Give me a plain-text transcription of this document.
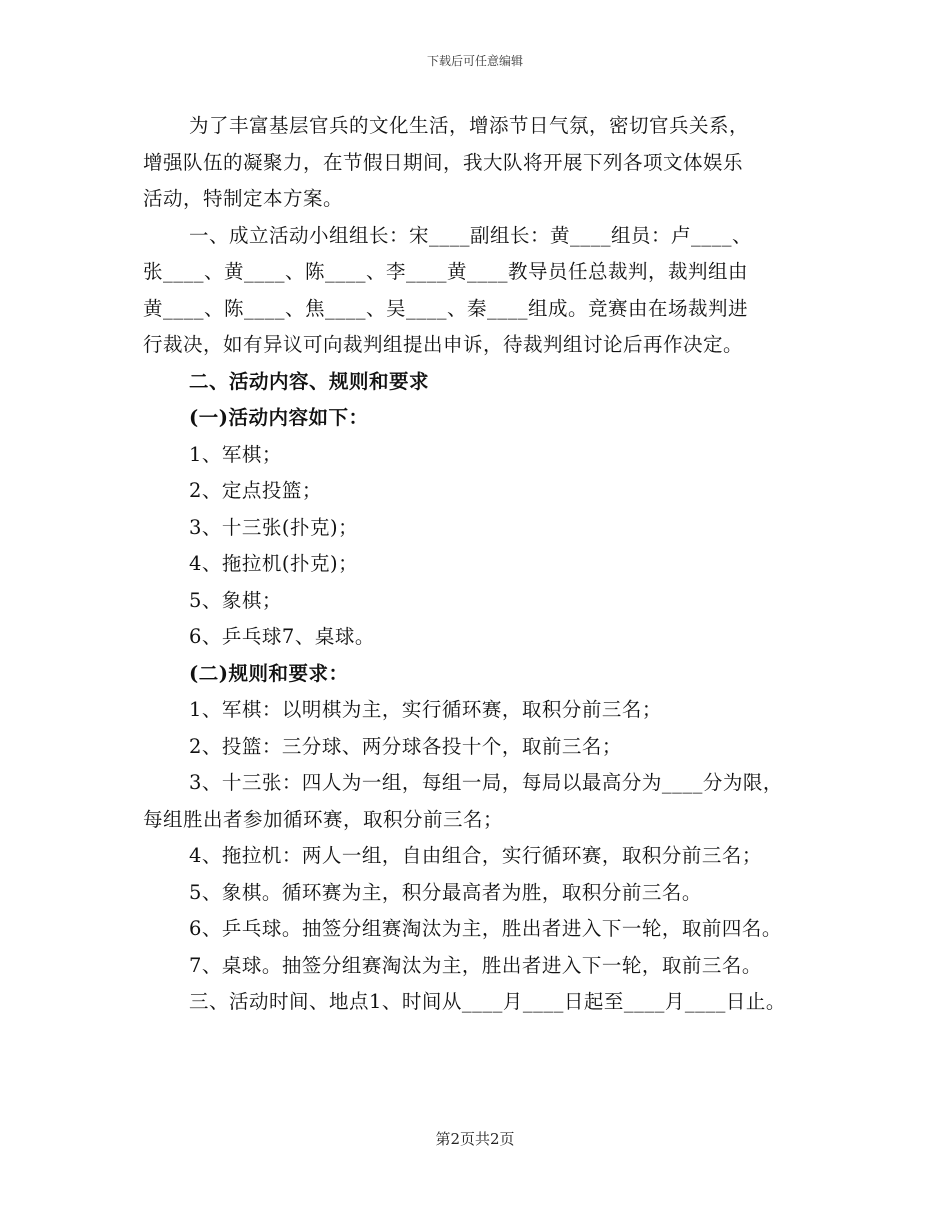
下载后可任意编辑

为了丰富基层官兵的文化生活，增添节日气氛，密切官兵关系，

增强队伍的凝聚力，在节假日期间，我大队将开展下列各项文体娱乐

活动，特制定本方案。

一、成立活动小组组长：宋____副组长：黄____组员：卢____、

张____、黄____、陈____、李____黄____教导员任总裁判，裁判组由

黄____、陈____、焦____、吴____、秦____组成。竞赛由在场裁判进

行裁决，如有异议可向裁判组提出申诉，待裁判组讨论后再作决定。

二、活动内容、规则和要求

(一)活动内容如下：

1、军棋；

2、定点投篮；

3、十三张(扑克)；

4、拖拉机(扑克)；

5、象棋；

6、乒乓球7、桌球。

(二)规则和要求：

1、军棋：以明棋为主，实行循环赛，取积分前三名；

2、投篮：三分球、两分球各投十个，取前三名；

3、十三张：四人为一组，每组一局，每局以最高分为____分为限，

每组胜出者参加循环赛，取积分前三名；

4、拖拉机：两人一组，自由组合，实行循环赛，取积分前三名；

5、象棋。循环赛为主，积分最高者为胜，取积分前三名。

6、乒乓球。抽签分组赛淘汰为主，胜出者进入下一轮，取前四名。

7、桌球。抽签分组赛淘汰为主，胜出者进入下一轮，取前三名。

三、活动时间、地点1、时间从____月____日起至____月____日止。

第2页共2页
